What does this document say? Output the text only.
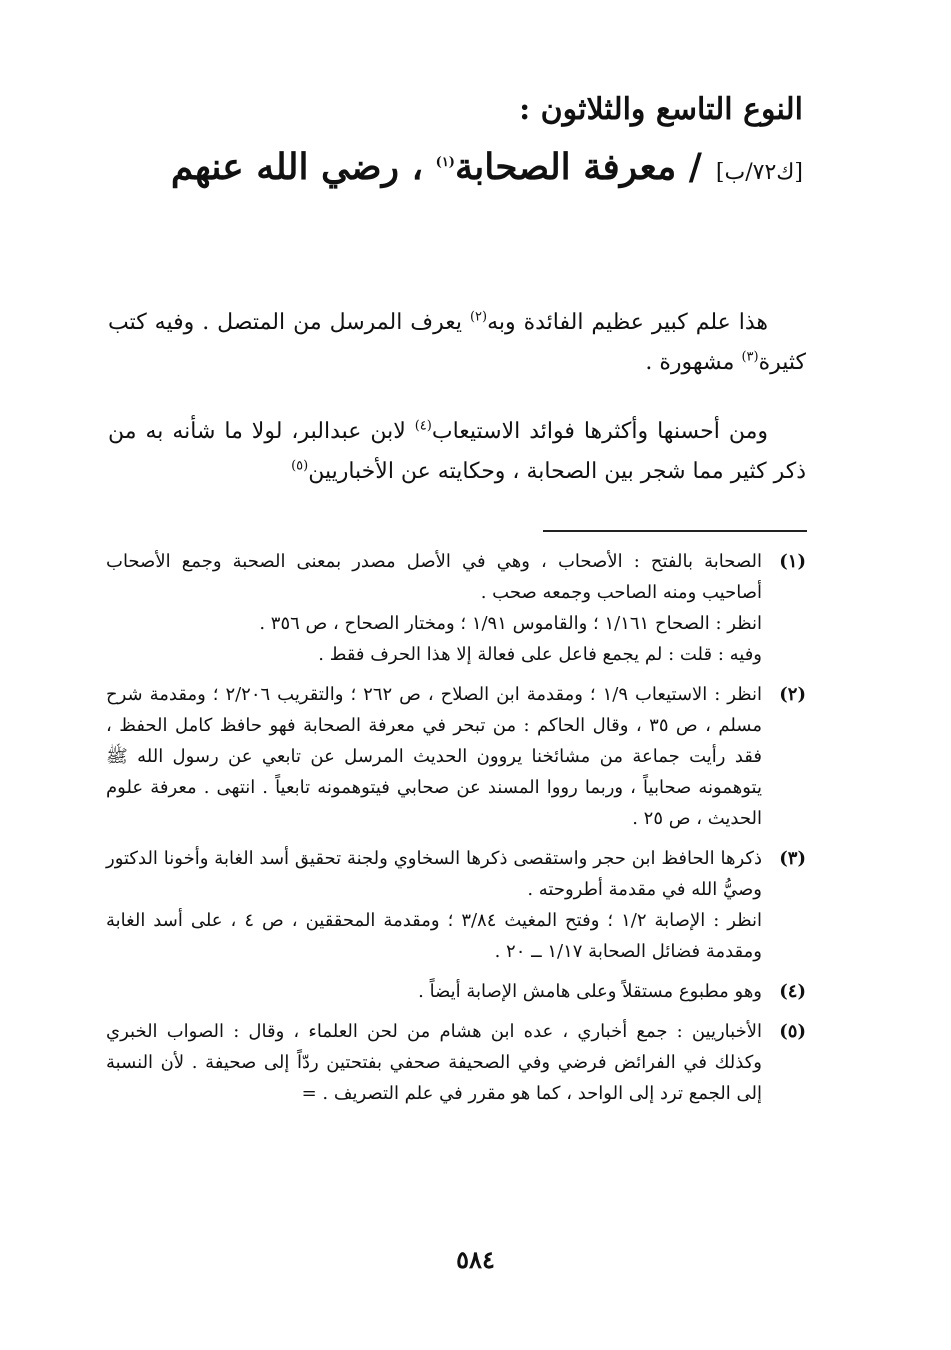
النوع التاسع والثلاثون :
[ك٧٢/ب]/ معرفة الصحابة$^{(١)}$ ، رضي الله عنهم
هذا علم كبير عظيم الفائدة وبه$^{(٢)}$ يعرف المرسل من المتصل . وفيه كتب كثيرة$^{(٣)}$ مشهورة .
ومن أحسنها وأكثرها فوائد الاستيعاب$^{(٤)}$ لابن عبدالبر، لولا ما شأنه به من ذكر كثير مما شجر بين الصحابة ، وحكايته عن الأخباريين$^{(٥)}$
(١)
الصحابة بالفتح : الأصحاب ، وهي في الأصل مصدر بمعنى الصحبة وجمع الأصحاب أصاحيب ومنه الصاحب وجمعه صحب .
انظر : الصحاح ١/١٦١ ؛ والقاموس ١/٩١ ؛ ومختار الصحاح ، ص ٣٥٦ .
وفيه : قلت : لم يجمع فاعل على فعالة إلا هذا الحرف فقط .
(٢)
انظر : الاستيعاب ١/٩ ؛ ومقدمة ابن الصلاح ، ص ٢٦٢ ؛ والتقريب ٢/٢٠٦ ؛ ومقدمة شرح مسلم ، ص ٣٥ ، وقال الحاكم : من تبحر في معرفة الصحابة فهو حافظ كامل الحفظ ، فقد رأيت جماعة من مشائخنا يروون الحديث المرسل عن تابعي عن رسول الله ﷺ يتوهمونه صحابياً ، وربما رووا المسند عن صحابي فيتوهمونه تابعياً . انتهى . معرفة علوم الحديث ، ص ٢٥ .
(٣)
ذكرها الحافظ ابن حجر واستقصى ذكرها السخاوي ولجنة تحقيق أسد الغابة وأخونا الدكتور وصيُّ الله في مقدمة أطروحته .
انظر : الإصابة ١/٢ ؛ وفتح المغيث ٣/٨٤ ؛ ومقدمة المحققين ، ص ٤ ، على أسد الغابة ومقدمة فضائل الصحابة ١/١٧ ــ ٢٠ .
(٤)
وهو مطبوع مستقلاً وعلى هامش الإصابة أيضاً .
(٥)
الأخباريين : جمع أخباري ، عده ابن هشام من لحن العلماء ، وقال : الصواب الخبري وكذلك في الفرائض فرضي وفي الصحيفة صحفي بفتحتين ردّاً إلى صحيفة . لأن النسبة إلى الجمع ترد إلى الواحد ، كما هو مقرر في علم التصريف . =
٥٨٤
